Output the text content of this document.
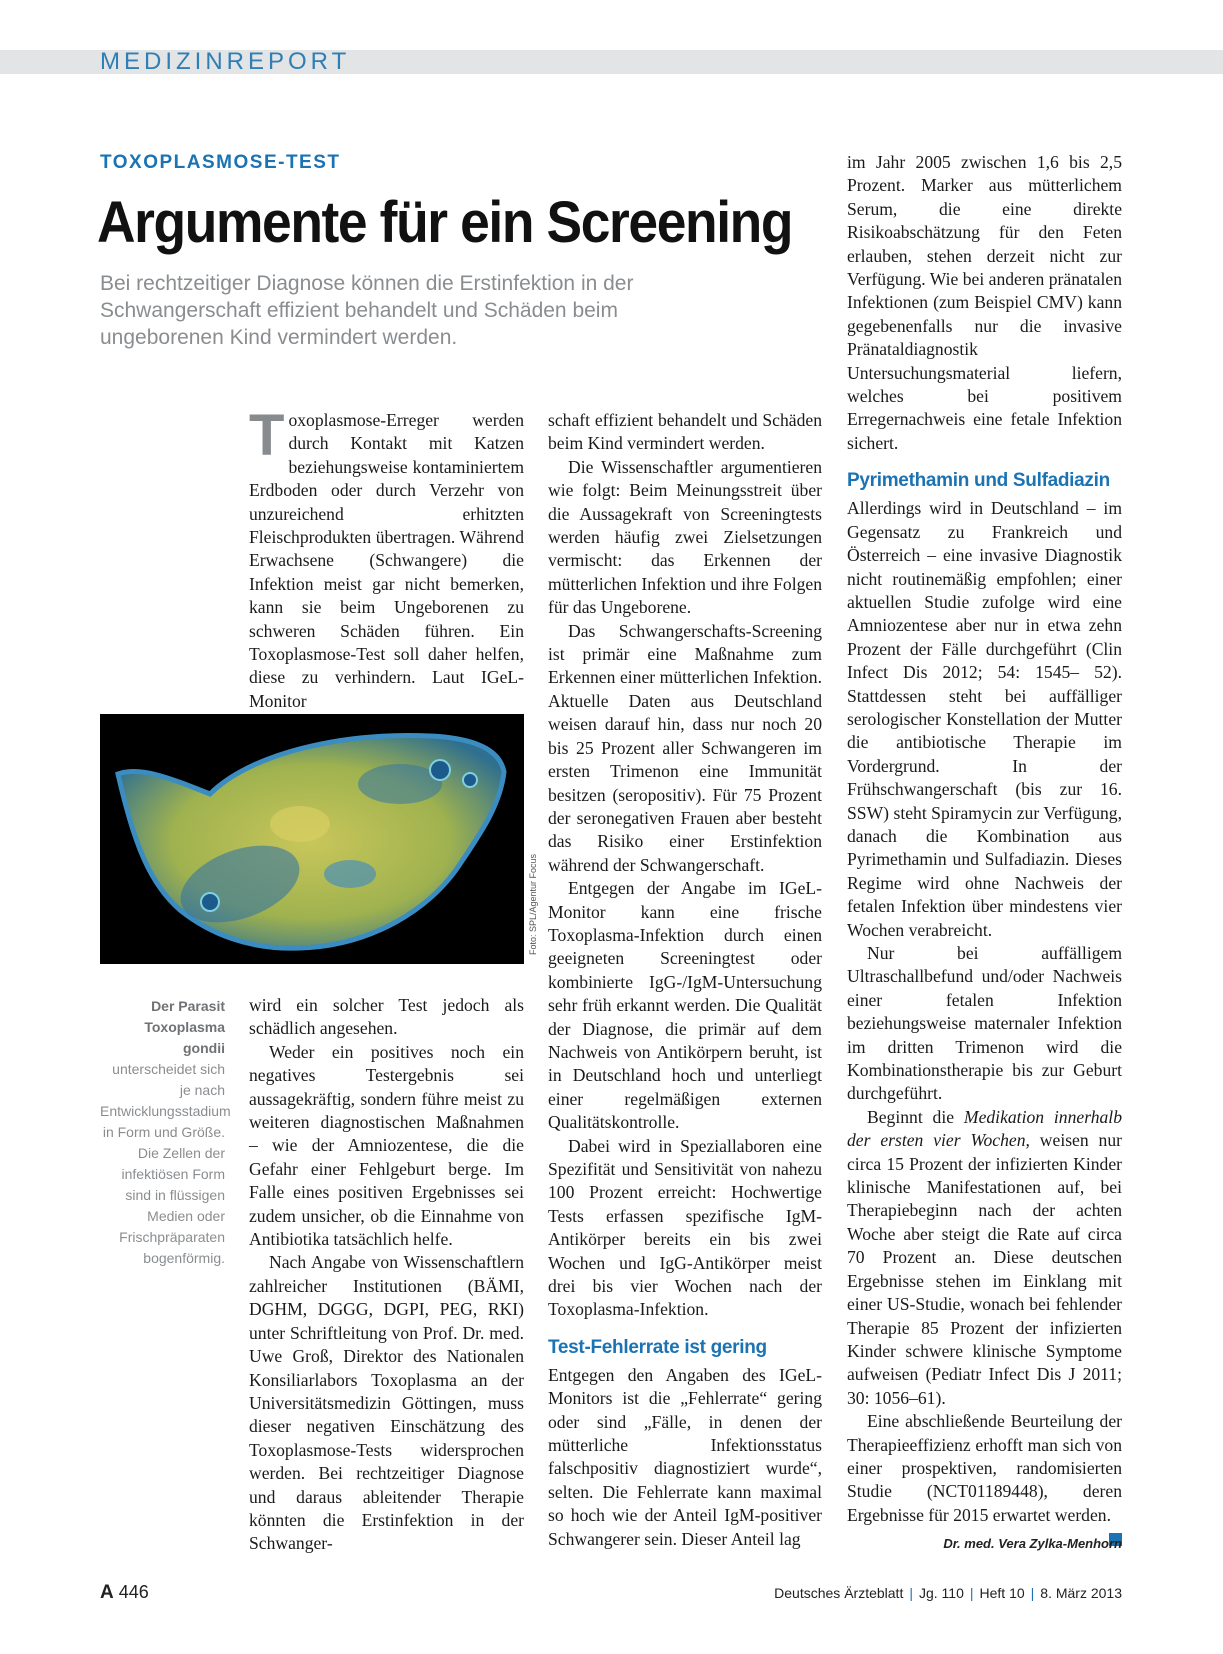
MEDIZINREPORT
TOXOPLASMOSE-TEST
Argumente für ein Screening
Bei rechtzeitiger Diagnose können die Erstinfektion in der Schwangerschaft effizient behandelt und Schäden beim ungeborenen Kind vermindert werden.

Toxoplasmose-Erreger werden durch Kontakt mit Katzen beziehungsweise kontaminiertem Erdboden oder durch Verzehr von unzureichend erhitzten Fleischprodukten übertragen. Während Erwachsene (Schwangere) die Infektion meist gar nicht bemerken, kann sie beim Ungeborenen zu schweren Schäden führen. Ein Toxoplasmose-Test soll daher helfen, diese zu verhindern. Laut IGeL-Monitor

Foto: SPL/Agentur Focus
Der Parasit Toxoplasma gondii unterscheidet sich je nach Entwicklungsstadium in Form und Größe. Die Zellen der infektiösen Form sind in flüssigen Medien oder Frischpräparaten bogenförmig.

wird ein solcher Test jedoch als schädlich angesehen.

Weder ein positives noch ein negatives Testergebnis sei aussagekräftig, sondern führe meist zu weiteren diagnostischen Maßnahmen – wie der Amniozentese, die die Gefahr einer Fehlgeburt berge. Im Falle eines positiven Ergebnisses sei zudem unsicher, ob die Einnahme von Antibiotika tatsächlich helfe.

Nach Angabe von Wissenschaftlern zahlreicher Institutionen (BÄMI, DGHM, DGGG, DGPI, PEG, RKI) unter Schriftleitung von Prof. Dr. med. Uwe Groß, Direktor des Nationalen Konsiliarlabors Toxoplasma an der Universitätsmedizin Göttingen, muss dieser negativen Einschätzung des Toxoplasmose-Tests widersprochen werden. Bei rechtzeitiger Diagnose und daraus ableitender Therapie könnten die Erstinfektion in der Schwanger-

schaft effizient behandelt und Schäden beim Kind vermindert werden.

Die Wissenschaftler argumentieren wie folgt: Beim Meinungsstreit über die Aussagekraft von Screeningtests werden häufig zwei Zielsetzungen vermischt: das Erkennen der mütterlichen Infektion und ihre Folgen für das Ungeborene.

Das Schwangerschafts-Screening ist primär eine Maßnahme zum Erkennen einer mütterlichen Infektion. Aktuelle Daten aus Deutschland weisen darauf hin, dass nur noch 20 bis 25 Prozent aller Schwangeren im ersten Trimenon eine Immunität besitzen (seropositiv). Für 75 Prozent der seronegativen Frauen aber besteht das Risiko einer Erstinfektion während der Schwangerschaft.

Entgegen der Angabe im IGeL-Monitor kann eine frische Toxoplasma-Infektion durch einen geeigneten Screeningtest oder kombinierte IgG-/IgM-Untersuchung sehr früh erkannt werden. Die Qualität der Diagnose, die primär auf dem Nachweis von Antikörpern beruht, ist in Deutschland hoch und unterliegt einer regelmäßigen externen Qualitätskontrolle.

Dabei wird in Speziallaboren eine Spezifität und Sensitivität von nahezu 100 Prozent erreicht: Hochwertige Tests erfassen spezifische IgM-Antikörper bereits ein bis zwei Wochen und IgG-Antikörper meist drei bis vier Wochen nach der Toxoplasma-Infektion.

Test-Fehlerrate ist gering

Entgegen den Angaben des IGeL-Monitors ist die „Fehlerrate“ gering oder sind „Fälle, in denen der mütterliche Infektionsstatus falschpositiv diagnostiziert wurde“, selten. Die Fehlerrate kann maximal so hoch wie der Anteil IgM-positiver Schwangerer sein. Dieser Anteil lag

im Jahr 2005 zwischen 1,6 bis 2,5 Prozent. Marker aus mütterlichem Serum, die eine direkte Risikoabschätzung für den Feten erlauben, stehen derzeit nicht zur Verfügung. Wie bei anderen pränatalen Infektionen (zum Beispiel CMV) kann gegebenenfalls nur die invasive Pränataldiagnostik Untersuchungsmaterial liefern, welches bei positivem Erregernachweis eine fetale Infektion sichert.

Pyrimethamin und Sulfadiazin

Allerdings wird in Deutschland – im Gegensatz zu Frankreich und Österreich – eine invasive Diagnostik nicht routinemäßig empfohlen; einer aktuellen Studie zufolge wird eine Amniozentese aber nur in etwa zehn Prozent der Fälle durchgeführt (Clin Infect Dis 2012; 54: 1545– 52). Stattdessen steht bei auffälliger serologischer Konstellation der Mutter die antibiotische Therapie im Vordergrund. In der Frühschwangerschaft (bis zur 16. SSW) steht Spiramycin zur Verfügung, danach die Kombination aus Pyrimethamin und Sulfadiazin. Dieses Regime wird ohne Nachweis der fetalen Infektion über mindestens vier Wochen verabreicht.

Nur bei auffälligem Ultraschallbefund und/oder Nachweis einer fetalen Infektion beziehungsweise maternaler Infektion im dritten Trimenon wird die Kombinationstherapie bis zur Geburt durchgeführt.

Beginnt die Medikation innerhalb der ersten vier Wochen, weisen nur circa 15 Prozent der infizierten Kinder klinische Manifestationen auf, bei Therapiebeginn nach der achten Woche aber steigt die Rate auf circa 70 Prozent an. Diese deutschen Ergebnisse stehen im Einklang mit einer US-Studie, wonach bei fehlender Therapie 85 Prozent der infizierten Kinder schwere klinische Symptome aufweisen (Pediatr Infect Dis J 2011; 30: 1056–61).

Eine abschließende Beurteilung der Therapieeffizienz erhofft man sich von einer prospektiven, randomisierten Studie (NCT01189448), deren Ergebnisse für 2015 erwartet werden.

Dr. med. Vera Zylka-Menhorn
A 446	Deutsches Ärzteblatt | Jg. 110 | Heft 10 | 8. März 2013
